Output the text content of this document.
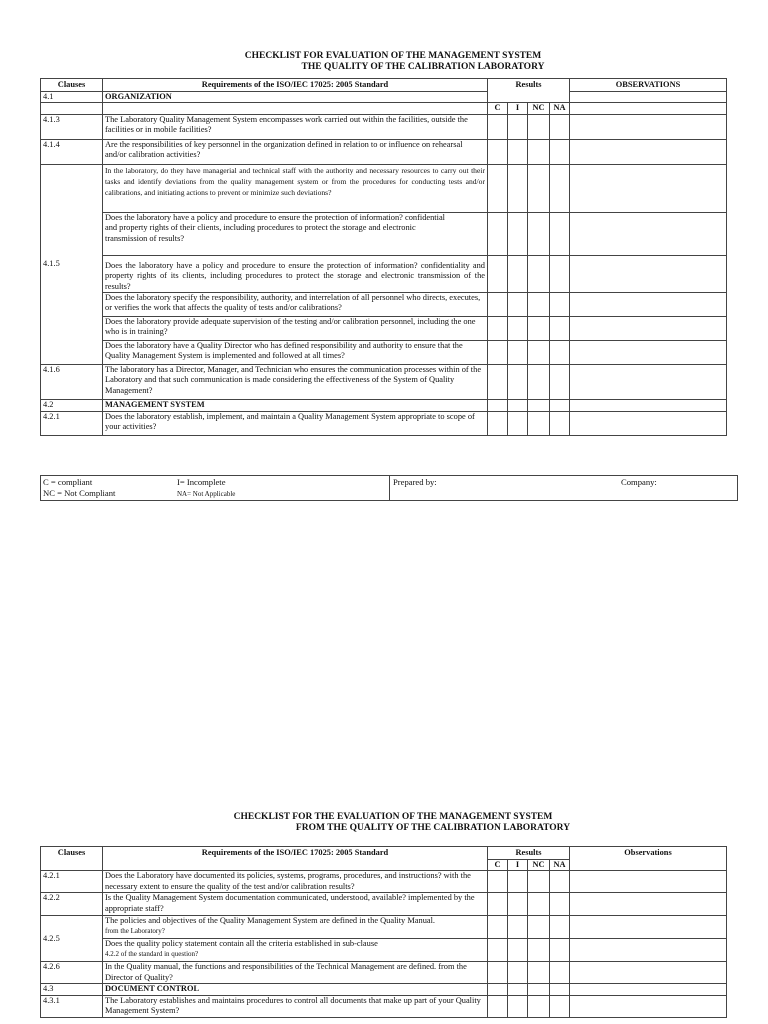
CHECKLIST FOR EVALUATION OF THE MANAGEMENT SYSTEM
THE QUALITY OF THE CALIBRATION LABORATORY
Clauses	Requirements of the ISO/IEC 17025: 2005 Standard	Results				OBSERVATIONS
4.1	ORGANIZATION					
		C	I	NC	NA	
4.1.3	The Laboratory Quality Management System encompasses work carried out within the facilities, outside the facilities or in mobile facilities?					
4.1.4	Are the responsibilities of key personnel in the organization defined in relation to or influence on rehearsal and/or calibration activities?					
4.1.5	In the laboratory, do they have managerial and technical staff with the authority and necessary resources to carry out their tasks and identify deviations from the quality management system or from the procedures for conducting tests and/or calibrations, and initiating actions to prevent or minimize such deviations?					
	Does the laboratory have a policy and procedure to ensure the protection of information? confidential and property rights of their clients, including procedures to protect the storage and electronic transmission of results?					
	Does the laboratory have a policy and procedure to ensure the protection of information? confidentiality and property rights of its clients, including procedures to protect the storage and electronic transmission of the results?					
	Does the laboratory specify the responsibility, authority, and interrelation of all personnel who directs, executes, or verifies the work that affects the quality of tests and/or calibrations?					
	Does the laboratory provide adequate supervision of the testing and/or calibration personnel, including the one who is in training?					
	Does the laboratory have a Quality Director who has defined responsibility and authority to ensure that the Quality Management System is implemented and followed at all times?					
4.1.6	The laboratory has a Director, Manager, and Technician who ensures the communication processes within of the Laboratory and that such communication is made considering the effectiveness of the System of Quality Management?					
4.2	MANAGEMENT SYSTEM					
4.2.1	Does the laboratory establish, implement, and maintain a Quality Management System appropriate to scope of your activities?					
C = compliant
NC = Not Compliant
I= Incomplete
NA= Not Applicable
Prepared by:	Company:
CHECKLIST FOR THE EVALUATION OF THE MANAGEMENT SYSTEM
FROM THE QUALITY OF THE CALIBRATION LABORATORY
Clauses	Requirements of the ISO/IEC 17025: 2005 Standard	Results				Observations
		C	I	NC	NA	
4.2.1	Does the Laboratory have documented its policies, systems, programs, procedures, and instructions? with the necessary extent to ensure the quality of the test and/or calibration results?					
4.2.2	Is the Quality Management System documentation communicated, understood, available? implemented by the appropriate staff?					
4.2.5	The policies and objectives of the Quality Management System are defined in the Quality Manual.
from the Laboratory?					

	Does the quality policy statement contain all the criteria established in sub-clause
4.2.2 of the standard in question?					

4.2.6	In the Quality manual, the functions and responsibilities of the Technical Management are defined. from the Director of Quality?					
4.3	DOCUMENT CONTROL					
4.3.1	The Laboratory establishes and maintains procedures to control all documents that make up part of your Quality Management System?					
